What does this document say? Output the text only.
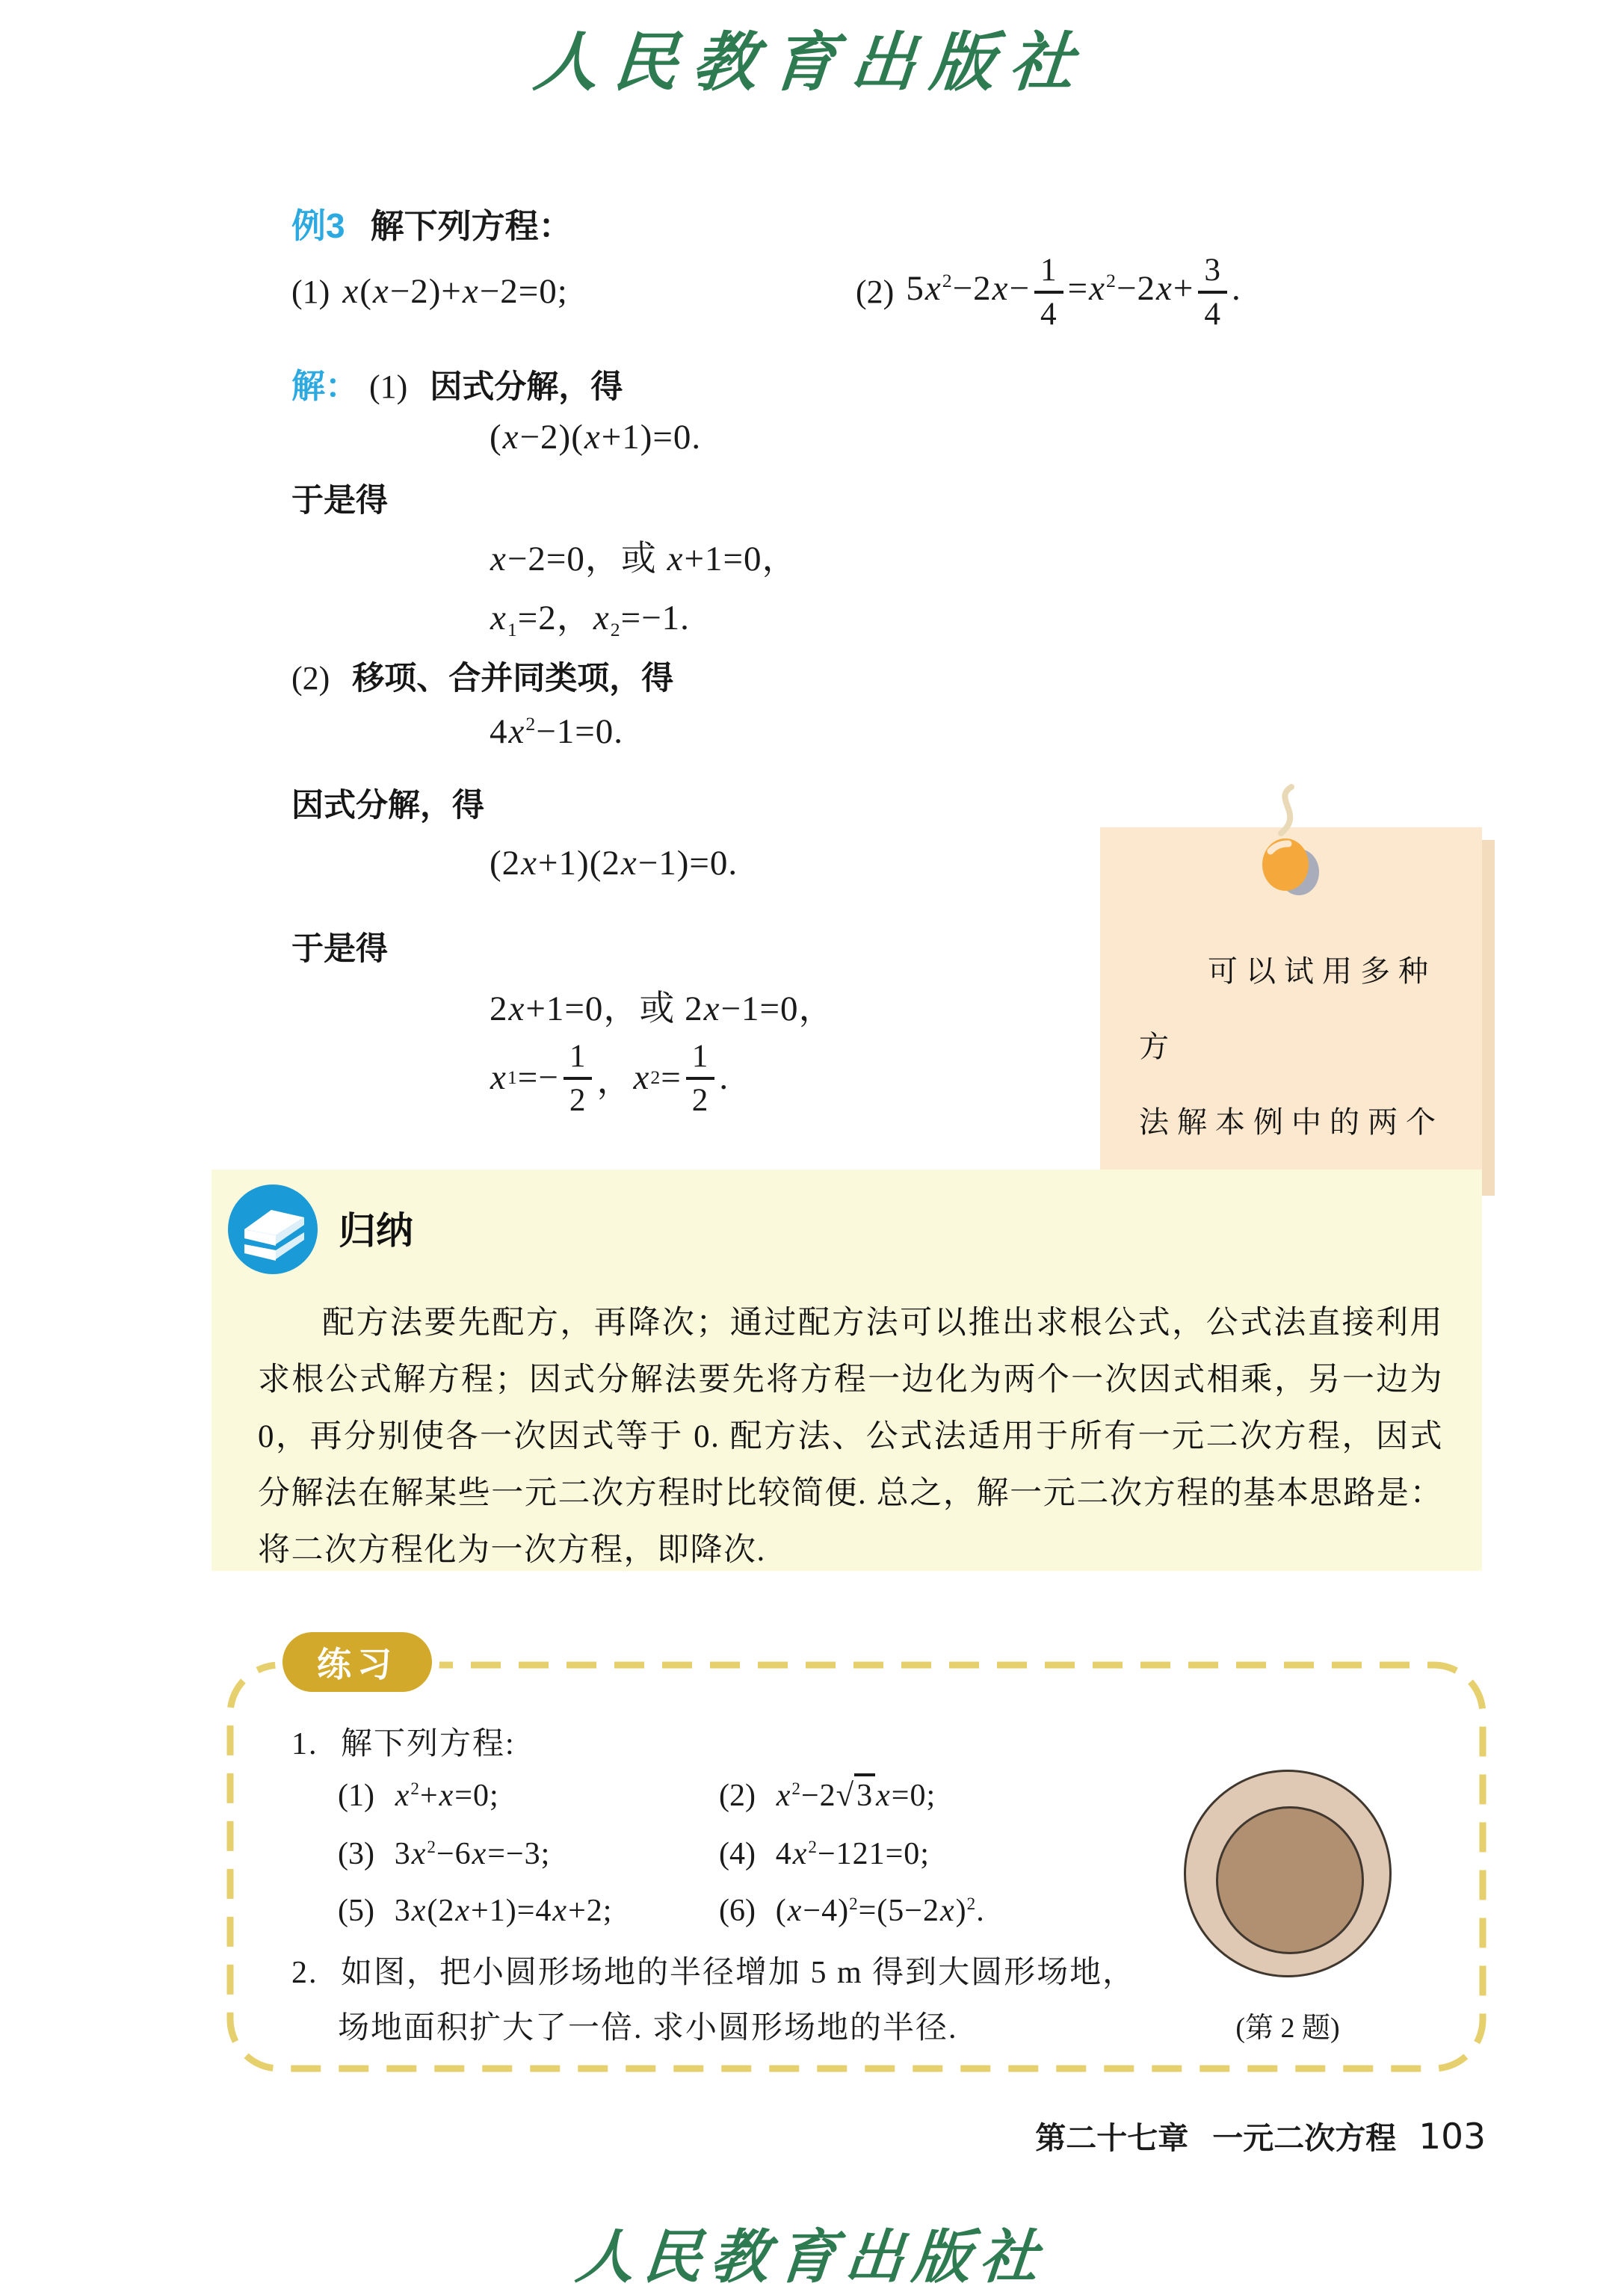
人民教育出版社
例3 解下列方程：
(1) x(x−2)+x−2=0;	(2) $5x^2-2x- \frac{1}{4} =x^2-2x+ \frac{3}{4}$ .
解： (1) 因式分解，得
(x−2)(x+1)=0.
于是得
x−2=0，或 x+1=0，
$x_1=2$，$x_2=-1$.
(2) 移项、合并同类项，得
$4x^2-1=0$.
因式分解，得
(2x+1)(2x−1)=0.
于是得
2x+1=0，或 2x−1=0，
x $1 =- \frac{1}{2}$ ， x $2 = \frac{1}{2}$ .
可以试用多种方
法解本例中的两个
归纳
配方法要先配方，再降次；通过配方法可以推出求根公式，公式法直接利用求根公式解方程；因式分解法要先将方程一边化为两个一次因式相乘，另一边为 0，再分别使各一次因式等于 0. 配方法、公式法适用于所有一元二次方程，因式分解法在解某些一元二次方程时比较简便. 总之，解一元二次方程的基本思路是：将二次方程化为一次方程，即降次.
练习
1. 解下列方程:
(1) $x^2+x=0$;	(2) $x^2-2√3x=0$;
(3) $3x^2-6x=-3$;	(4) $4x^2-121=0$;
(5) 3x(2x+1)=4x+2;	(6) $(x-4)^2=(5-2x)^2$.
2. 如图，把小圆形场地的半径增加 5 m 得到大圆形场地，
场地面积扩大了一倍. 求小圆形场地的半径.	(第 2 题)
第二十七章 一元二次方程 103
人民教育出版社
